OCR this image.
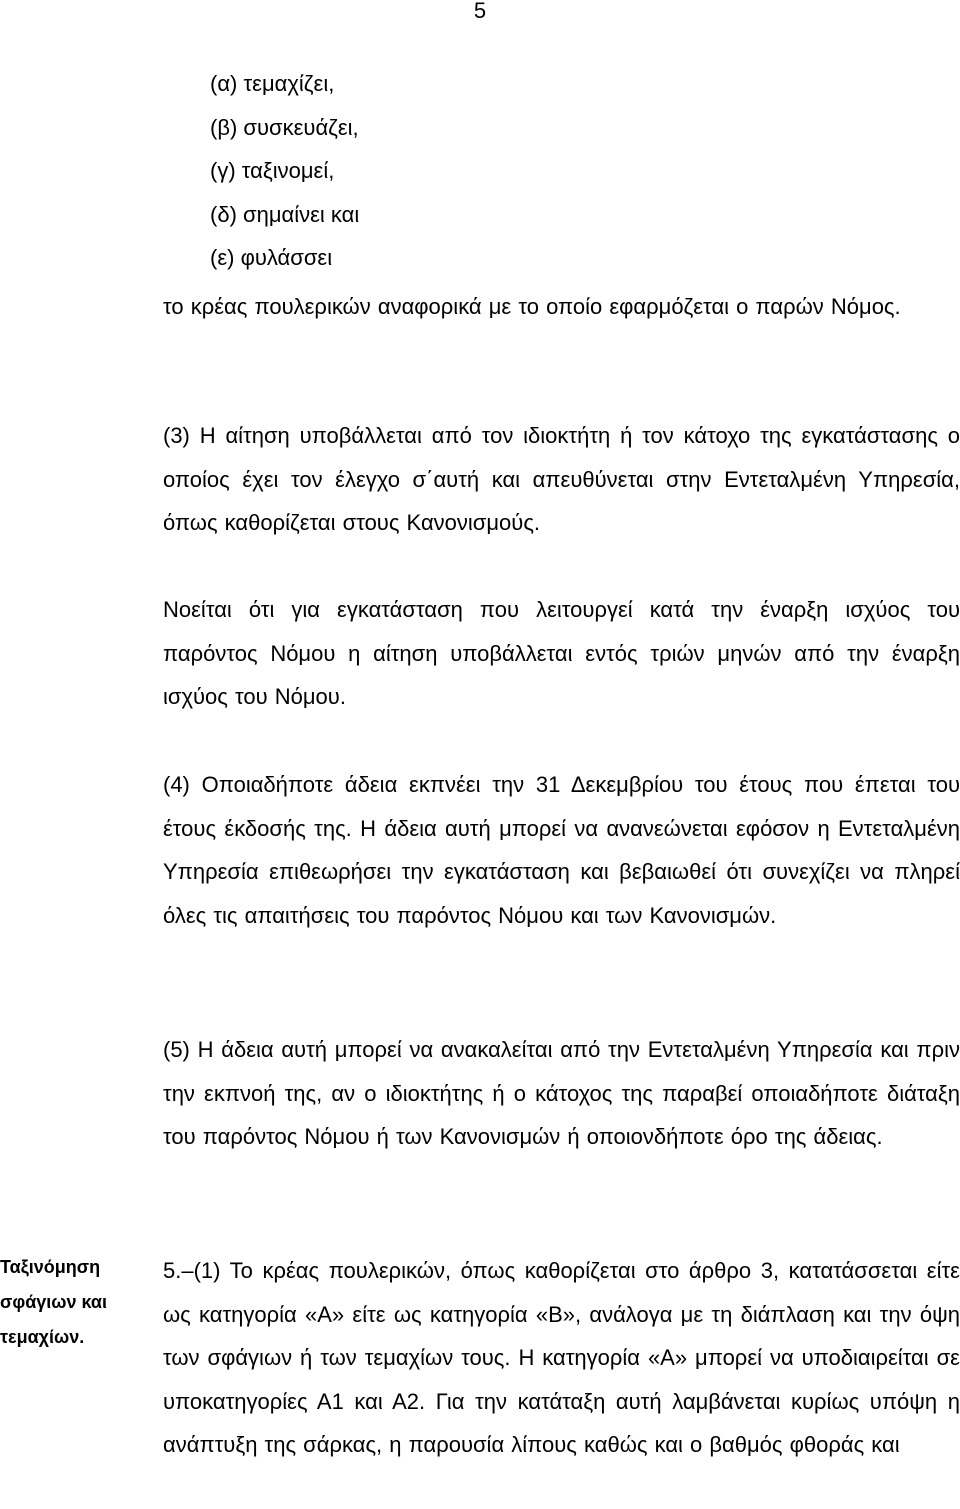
5
(α) τεμαχίζει,
(β) συσκευάζει,
(γ) ταξινομεί,
(δ) σημαίνει και
(ε) φυλάσσει

το κρέας πουλερικών αναφορικά με το οποίο εφαρμόζεται ο παρών Νόμος.

(3) Η αίτηση υποβάλλεται από τον ιδιοκτήτη ή τον κάτοχο της εγκατάστασης ο οποίος έχει τον έλεγχο σ΄αυτή και απευθύνεται στην Εντεταλμένη Υπηρεσία, όπως καθορίζεται στους Κανονισμούς.

Νοείται ότι για εγκατάσταση που λειτουργεί κατά την έναρξη ισχύος του παρόντος Νόμου η αίτηση υποβάλλεται εντός τριών μηνών από την έναρξη ισχύος του Νόμου.

(4) Οποιαδήποτε άδεια εκπνέει την 31 Δεκεμβρίου του έτους που έπεται του έτους έκδοσής της. Η άδεια αυτή μπορεί να ανανεώνεται εφόσον η Εντεταλμένη Υπηρεσία επιθεωρήσει την εγκατάσταση και βεβαιωθεί ότι συνεχίζει να πληρεί όλες τις απαιτήσεις του παρόντος Νόμου και των Κανονισμών.

(5) Η άδεια αυτή μπορεί να ανακαλείται από την Εντεταλμένη Υπηρεσία και πριν την εκπνοή της, αν ο ιδιοκτήτης ή ο κάτοχος της παραβεί οποιαδήποτε διάταξη του παρόντος Νόμου ή των Κανονισμών ή οποιονδήποτε όρο της άδειας.

Ταξινόμηση σφάγιων και τεμαχίων.

5.–(1) Το κρέας πουλερικών, όπως καθορίζεται στο άρθρο 3, κατατάσσεται είτε ως κατηγορία «Α» είτε ως κατηγορία «Β», ανάλογα με τη διάπλαση και την όψη των σφάγιων ή των τεμαχίων τους. Η κατηγορία «Α» μπορεί να υποδιαιρείται σε υποκατηγορίες Α1 και Α2. Για την κατάταξη αυτή λαμβάνεται κυρίως υπόψη η ανάπτυξη της σάρκας, η παρουσία λίπους καθώς και ο βαθμός φθοράς και
